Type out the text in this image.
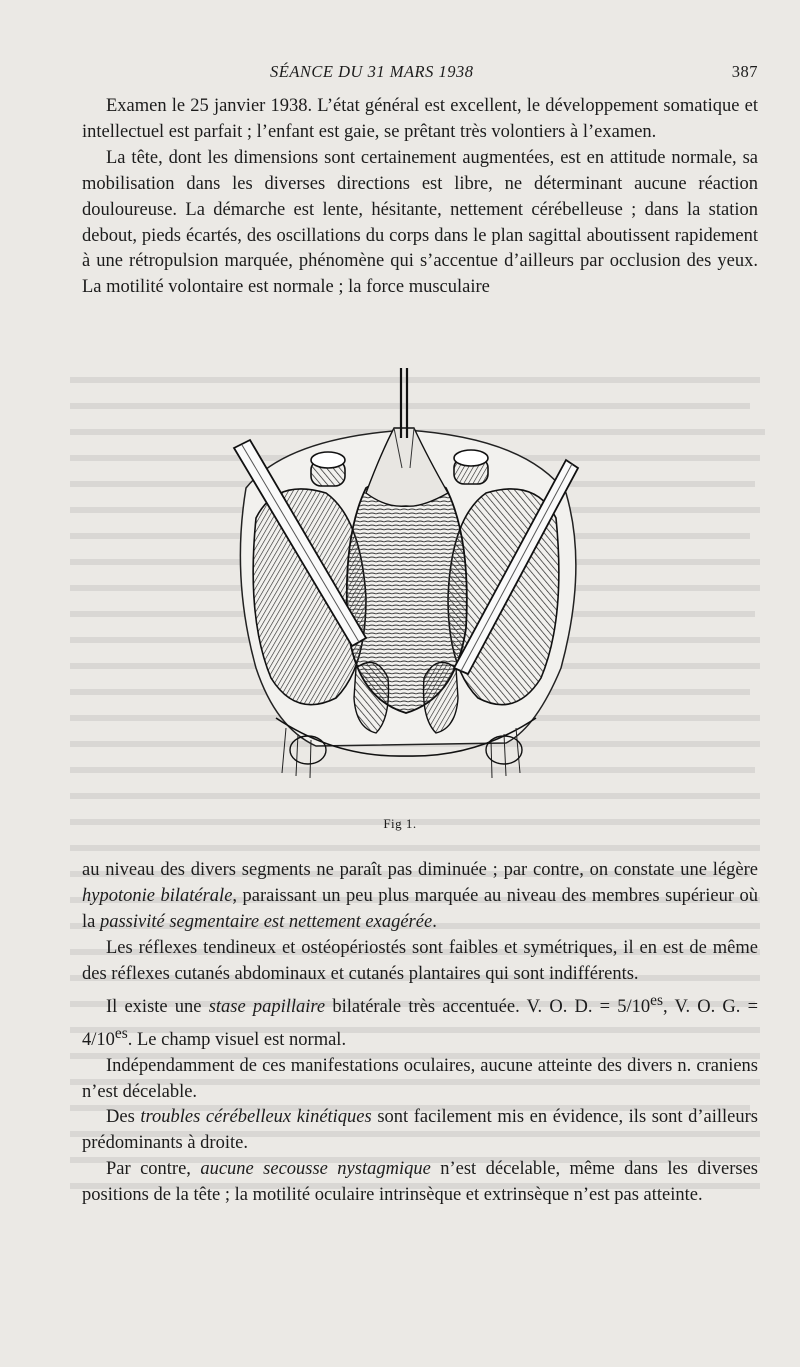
SÉANCE DU 31 MARS 1938	387

Examen le 25 janvier 1938. L’état général est excellent, le développement somatique et intellectuel est parfait ; l’enfant est gaie, se prêtant très volontiers à l’examen.

La tête, dont les dimensions sont certainement augmentées, est en attitude normale, sa mobilisation dans les diverses directions est libre, ne déterminant aucune réaction douloureuse. La démarche est lente, hésitante, nettement cérébelleuse ; dans la station debout, pieds écartés, des oscillations du corps dans le plan sagittal aboutissent rapidement à une rétropulsion marquée, phénomène qui s’accentue d’ailleurs par occlusion des yeux. La motilité volontaire est normale ; la force musculaire

Fig 1.

au niveau des divers segments ne paraît pas diminuée ; par contre, on constate une légère hypotonie bilatérale, paraissant un peu plus marquée au niveau des membres supérieur où la passivité segmentaire est nettement exagérée.

Les réflexes tendineux et ostéopériostés sont faibles et symétriques, il en est de même des réflexes cutanés abdominaux et cutanés plantaires qui sont indifférents.

Il existe une stase papillaire bilatérale très accentuée. V. O. D. = $5/10^{es}$, V. O. G. = $4/10^{es}$. Le champ visuel est normal.

Indépendamment de ces manifestations oculaires, aucune atteinte des divers n. craniens n’est décelable.

Des troubles cérébelleux kinétiques sont facilement mis en évidence, ils sont d’ailleurs prédominants à droite.

Par contre, aucune secousse nystagmique n’est décelable, même dans les diverses positions de la tête ; la motilité oculaire intrinsèque et extrinsèque n’est pas atteinte.
